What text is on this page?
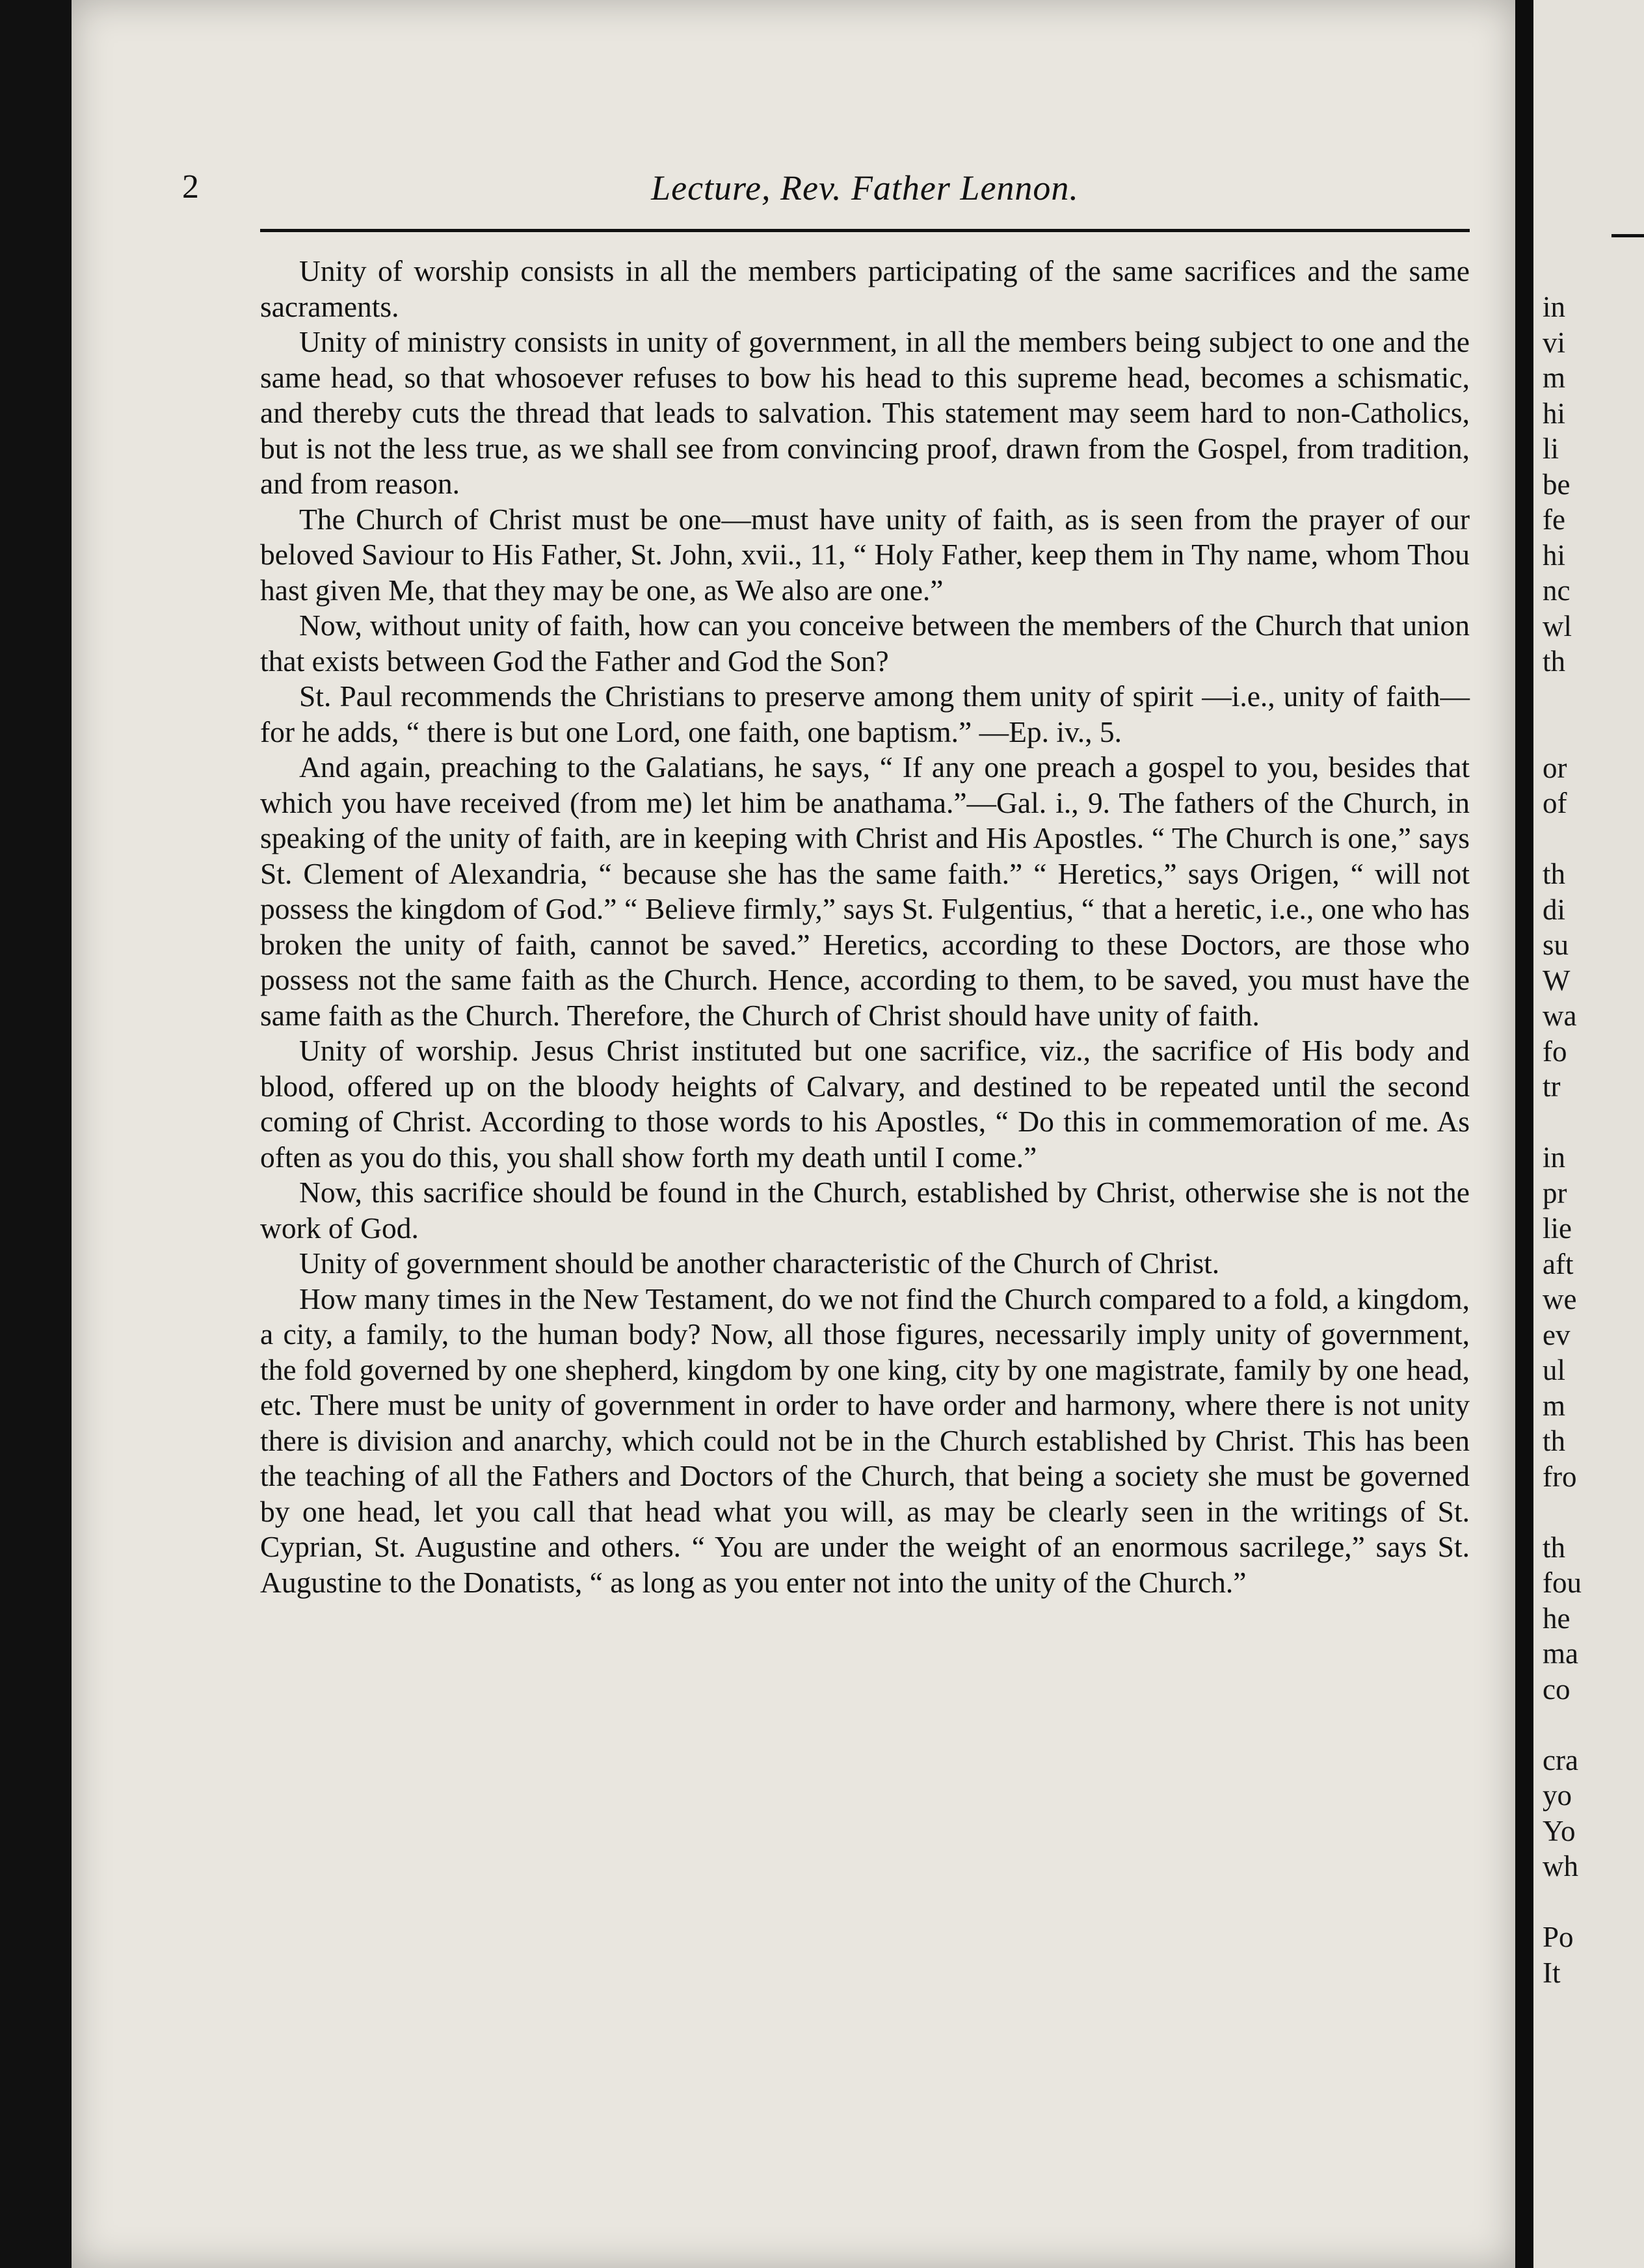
2	Lecture, Rev. Father Lennon.

Unity of worship consists in all the members participating of the same sacrifices and the same sacraments.

Unity of ministry consists in unity of government, in all the members being subject to one and the same head, so that whosoever refuses to bow his head to this supreme head, becomes a schismatic, and thereby cuts the thread that leads to salvation. This statement may seem hard to non-Catholics, but is not the less true, as we shall see from convincing proof, drawn from the Gospel, from tradition, and from reason.

The Church of Christ must be one—must have unity of faith, as is seen from the prayer of our beloved Saviour to His Father, St. John, xvii., 11, “ Holy Father, keep them in Thy name, whom Thou hast given Me, that they may be one, as We also are one.”

Now, without unity of faith, how can you conceive between the members of the Church that union that exists between God the Father and God the Son?

St. Paul recommends the Christians to preserve among them unity of spirit —i.e., unity of faith—for he adds, “ there is but one Lord, one faith, one baptism.” —Ep. iv., 5.

And again, preaching to the Galatians, he says, “ If any one preach a gospel to you, besides that which you have received (from me) let him be anathama.”—Gal. i., 9. The fathers of the Church, in speaking of the unity of faith, are in keeping with Christ and His Apostles. “ The Church is one,” says St. Clement of Alexandria, “ because she has the same faith.” “ Heretics,” says Origen, “ will not possess the kingdom of God.” “ Believe firmly,” says St. Fulgentius, “ that a heretic, i.e., one who has broken the unity of faith, cannot be saved.” Heretics, according to these Doctors, are those who possess not the same faith as the Church. Hence, according to them, to be saved, you must have the same faith as the Church. Therefore, the Church of Christ should have unity of faith.

Unity of worship. Jesus Christ instituted but one sacrifice, viz., the sacrifice of His body and blood, offered up on the bloody heights of Calvary, and destined to be repeated until the second coming of Christ. According to those words to his Apostles, “ Do this in commemoration of me. As often as you do this, you shall show forth my death until I come.”

Now, this sacrifice should be found in the Church, established by Christ, otherwise she is not the work of God.

Unity of government should be another characteristic of the Church of Christ.

How many times in the New Testament, do we not find the Church compared to a fold, a kingdom, a city, a family, to the human body? Now, all those figures, necessarily imply unity of government, the fold governed by one shepherd, kingdom by one king, city by one magistrate, family by one head, etc. There must be unity of government in order to have order and harmony, where there is not unity there is division and anarchy, which could not be in the Church established by Christ. This has been the teaching of all the Fathers and Doctors of the Church, that being a society she must be governed by one head, let you call that head what you will, as may be clearly seen in the writings of St. Cyprian, St. Augustine and others. “ You are under the weight of an enormous sacrilege,” says St. Augustine to the Donatists, “ as long as you enter not into the unity of the Church.”

in
vi
m
hi
li
be
fe
hi
nc
wl
th

or
of

th
di
su
W
wa
fo
tr

in
pr
lie
aft
we
ev
ul
m
th
fro

th
fou
he
ma
co

cra
yo
Yo
wh

Po
It
